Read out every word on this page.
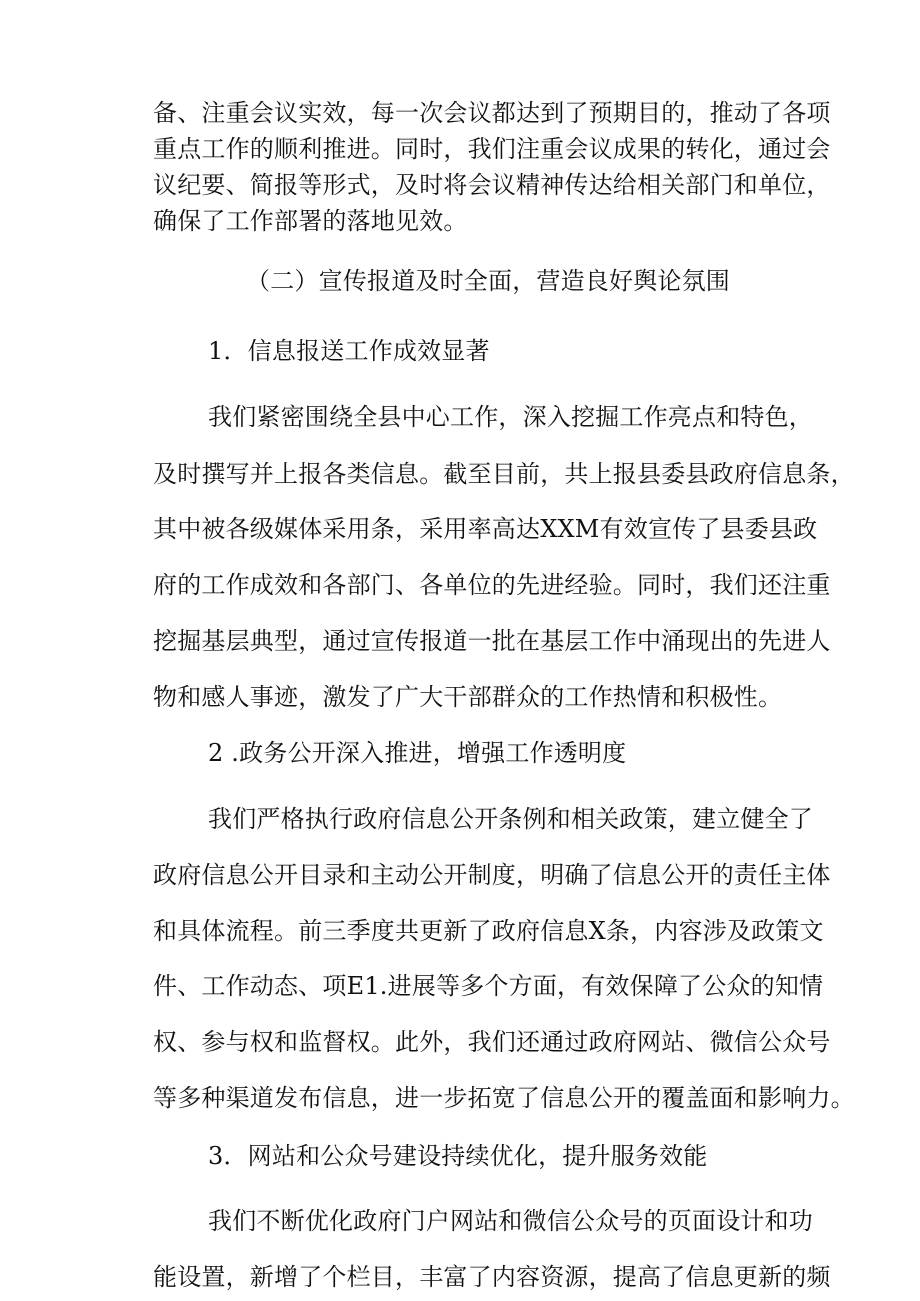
备、注重会议实效，每一次会议都达到了预期目的，推动了各项
重点工作的顺利推进。同时，我们注重会议成果的转化，通过会
议纪要、简报等形式，及时将会议精神传达给相关部门和单位，
确保了工作部署的落地见效。
（二）宣传报道及时全面，营造良好舆论氛围
1．信息报送工作成效显著
我们紧密围绕全县中心工作，深入挖掘工作亮点和特色，
及时撰写并上报各类信息。截至目前，共上报县委县政府信息条，
其中被各级媒体采用条，采用率高达XXM有效宣传了县委县政
府的工作成效和各部门、各单位的先进经验。同时，我们还注重
挖掘基层典型，通过宣传报道一批在基层工作中涌现出的先进人
物和感人事迹，激发了广大干部群众的工作热情和积极性。
2 .政务公开深入推进，增强工作透明度
我们严格执行政府信息公开条例和相关政策，建立健全了
政府信息公开目录和主动公开制度，明确了信息公开的责任主体
和具体流程。前三季度共更新了政府信息X条，内容涉及政策文
件、工作动态、项E1.进展等多个方面，有效保障了公众的知情
权、参与权和监督权。此外，我们还通过政府网站、微信公众号
等多种渠道发布信息，进一步拓宽了信息公开的覆盖面和影响力。
3．网站和公众号建设持续优化，提升服务效能
我们不断优化政府门户网站和微信公众号的页面设计和功
能设置，新增了个栏目，丰富了内容资源，提高了信息更新的频
